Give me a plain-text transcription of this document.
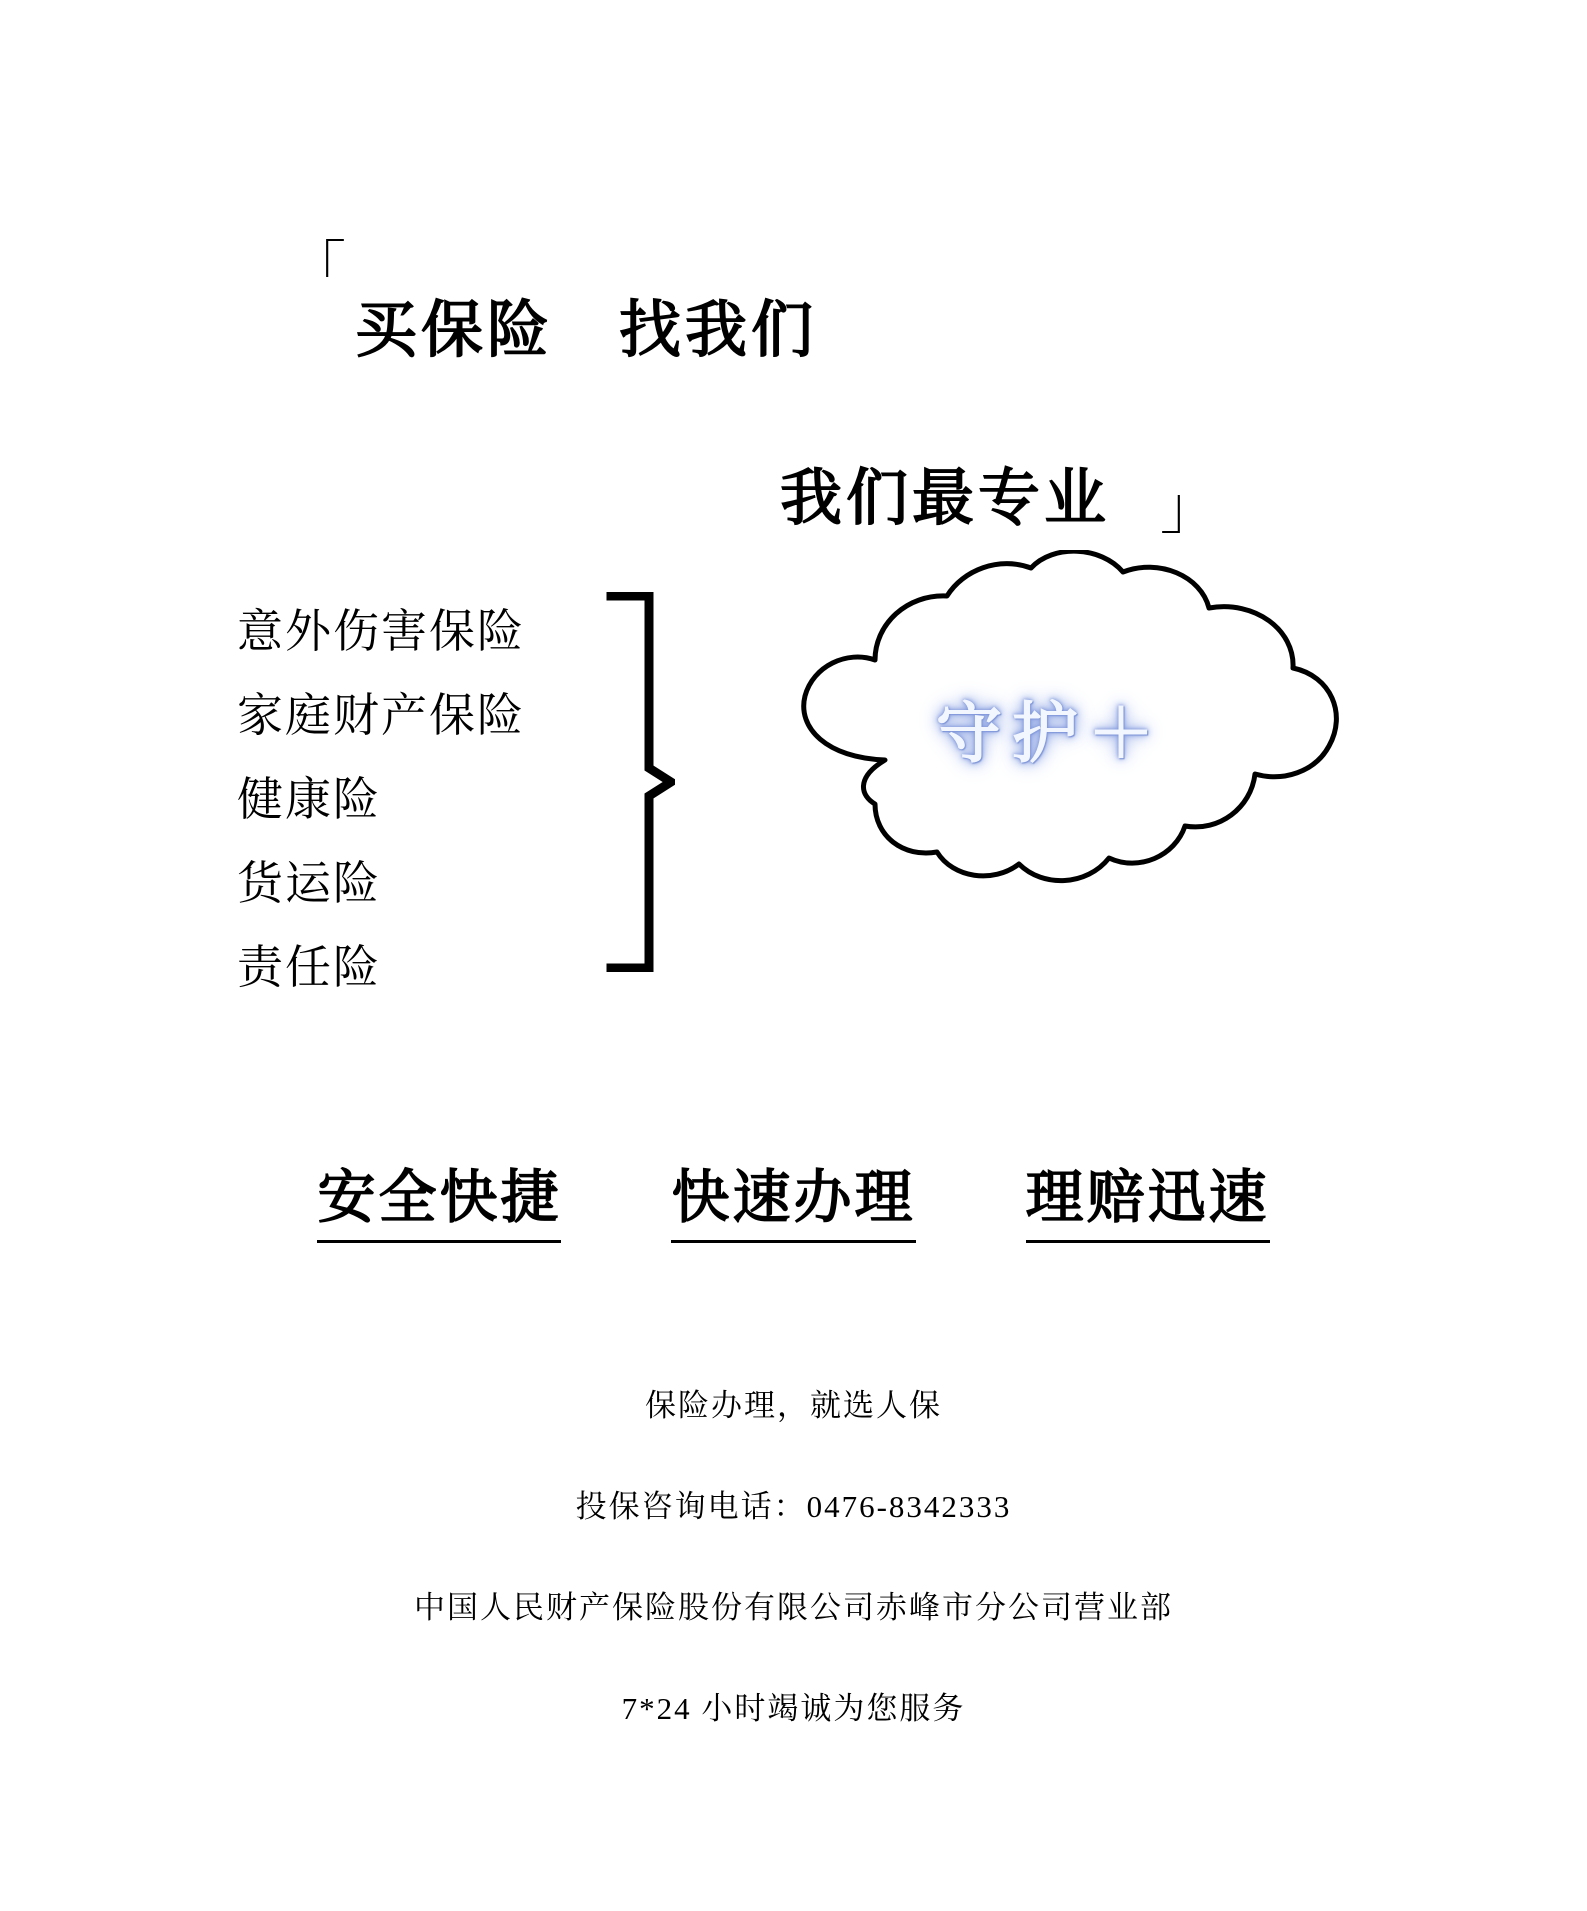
「
买保险　找我们
我们最专业 」
意外伤害保险
家庭财产保险
健康险
货运险
责任险
守护＋
安全快捷 快速办理 理赔迅速
保险办理，就选人保
投保咨询电话：0476-8342333
中国人民财产保险股份有限公司赤峰市分公司营业部
7*24 小时竭诚为您服务
